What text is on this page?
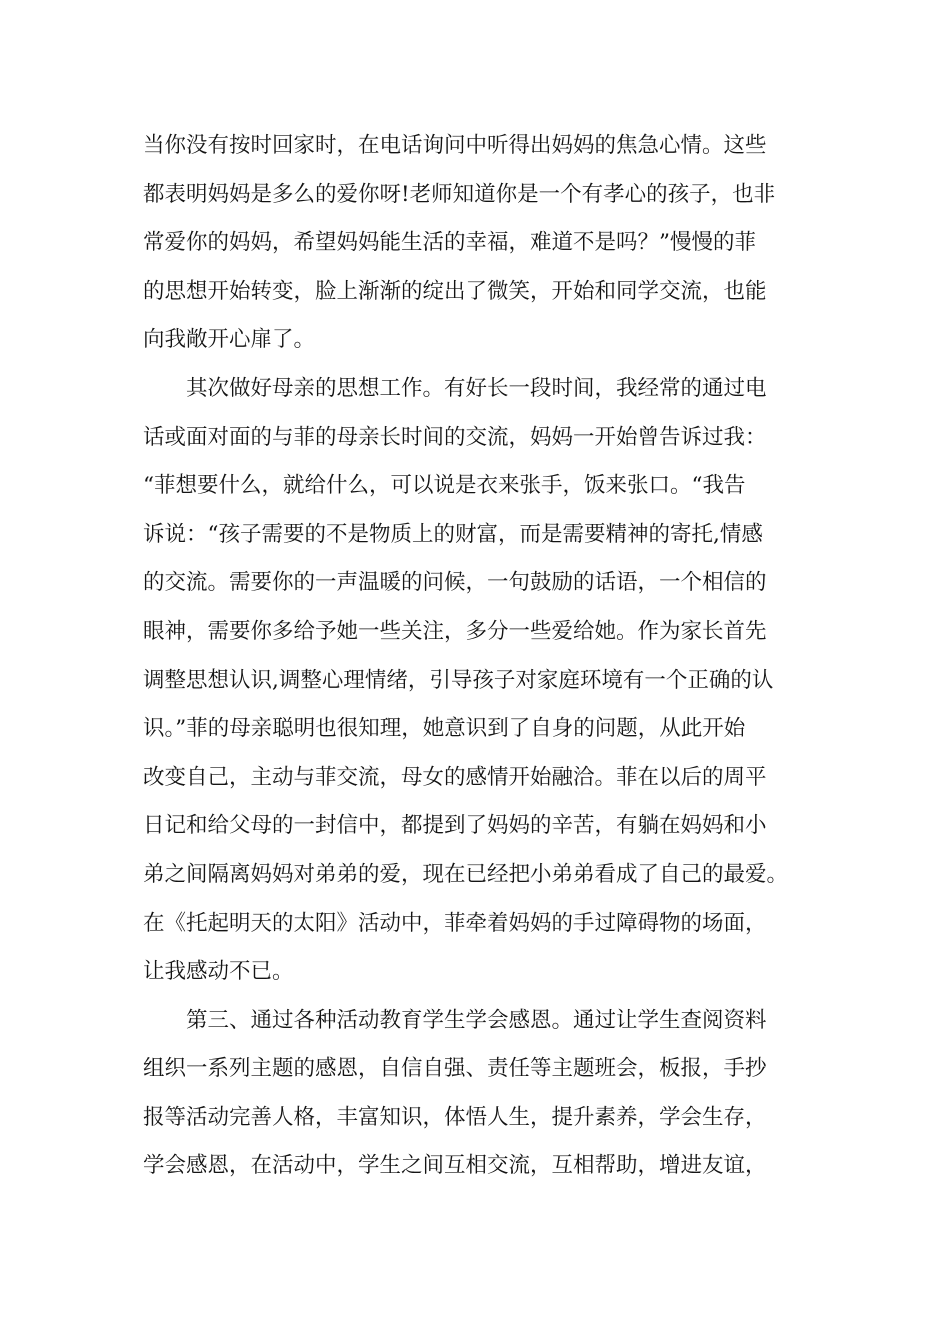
当你没有按时回家时，在电话询问中听得出妈妈的焦急心情。这些
都表明妈妈是多么的爱你呀!老师知道你是一个有孝心的孩子，也非
常爱你的妈妈，希望妈妈能生活的幸福，难道不是吗？”慢慢的菲
的思想开始转变，脸上渐渐的绽出了微笑，开始和同学交流，也能
向我敞开心扉了。
其次做好母亲的思想工作。有好长一段时间，我经常的通过电
话或面对面的与菲的母亲长时间的交流，妈妈一开始曾告诉过我：
“菲想要什么，就给什么，可以说是衣来张手，饭来张口。“我告
诉说：“孩子需要的不是物质上的财富，而是需要精神的寄托,情感
的交流。需要你的一声温暖的问候，一句鼓励的话语，一个相信的
眼神，需要你多给予她一些关注，多分一些爱给她。作为家长首先
调整思想认识,调整心理情绪，引导孩子对家庭环境有一个正确的认
识。”菲的母亲聪明也很知理，她意识到了自身的问题，从此开始
改变自己，主动与菲交流，母女的感情开始融洽。菲在以后的周平
日记和给父母的一封信中，都提到了妈妈的辛苦，有躺在妈妈和小
弟之间隔离妈妈对弟弟的爱，现在已经把小弟弟看成了自己的最爱。
在《托起明天的太阳》活动中，菲牵着妈妈的手过障碍物的场面，
让我感动不已。
第三、通过各种活动教育学生学会感恩。通过让学生查阅资料
组织一系列主题的感恩，自信自强、责任等主题班会，板报，手抄
报等活动完善人格，丰富知识，体悟人生，提升素养，学会生存，
学会感恩，在活动中，学生之间互相交流，互相帮助，增进友谊，
